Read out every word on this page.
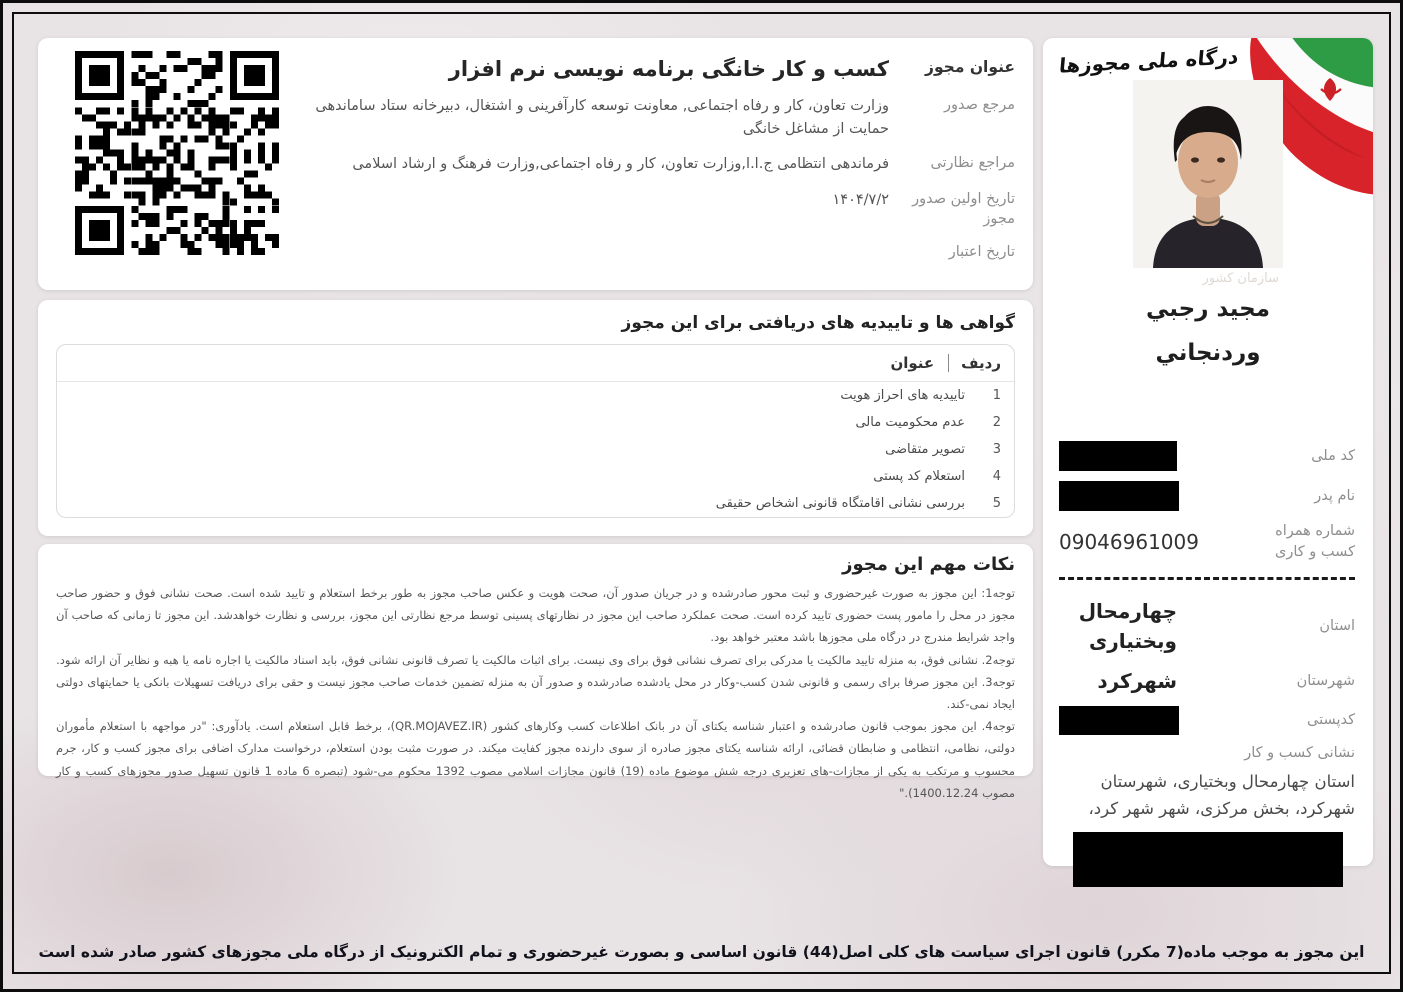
عنوان مجوز
کسب و کار خانگی برنامه نویسی نرم افزار
مرجع صدور
وزارت تعاون، کار و رفاه اجتماعی, معاونت توسعه کارآفرینی و اشتغال، دبیرخانه ستاد ساماندهی حمایت از مشاغل خانگی
مراجع نظارتی
فرماندهی انتظامی ج.ا.ا,وزارت تعاون، کار و رفاه اجتماعی,وزارت فرهنگ و ارشاد اسلامی
تاریخ اولین صدور مجوز
۱۴۰۴/۷/۲
تاریخ اعتبار
گواهی ها و تاییدیه های دریافتی برای این مجوز
ردیف
عنوان
1
تاییدیه های احراز هویت
2
عدم محکومیت مالی
3
تصویر متقاضی
4
استعلام کد پستی
5
بررسی نشانی اقامتگاه قانونی اشخاص حقیقی
نکات مهم این مجوز

توجه1: این مجوز به صورت غیرحضوری و ثبت محور صادرشده و در جریان صدور آن، صحت هویت و عکس صاحب مجوز به طور برخط استعلام و تایید شده است. صحت نشانی فوق و حضور صاحب مجوز در محل را مامور پست حضوری تایید کرده است. صحت عملکرد صاحب این مجوز در نظارتهای پسینی توسط مرجع نظارتی این مجوز، بررسی و نظارت خواهدشد. این مجوز تا زمانی که صاحب آن واجد شرایط مندرج در درگاه ملی مجوزها باشد معتبر خواهد بود.

توجه2. نشانی فوق، به منزله تایید مالکیت یا مدرکی برای تصرف نشانی فوق برای وی نیست. برای اثبات مالکیت یا تصرف قانونی نشانی فوق، باید اسناد مالکیت یا اجاره نامه یا هبه و نظایر آن ارائه شود.

توجه3. این مجوز صرفا برای رسمی و قانونی شدن کسب-وکار در محل یادشده صادرشده و صدور آن به منزله تضمین خدمات صاحب مجوز نیست و حقی برای دریافت تسهیلات بانکی یا حمایتهای دولتی ایجاد نمی-کند.

توجه4. این مجوز بموجب قانون صادرشده و اعتبار شناسه یکتای آن در بانک اطلاعات کسب وکارهای کشور (QR.MOJAVEZ.IR)، برخط قابل استعلام است. یادآوری: "در مواجهه با استعلام مأموران دولتی، نظامی، انتظامی و ضابطان قضائی، ارائه شناسه یکتای مجوز صادره از سوی دارنده مجوز کفایت میکند. در صورت مثبت بودن استعلام، درخواست مدارک اضافی برای مجوز کسب و کار، جرم محسوب و مرتکب به یکی از مجازات-های تعزیری درجه شش موضوع ماده (19) قانون مجازات اسلامی مصوب 1392 محکوم می-شود (تبصره 6 ماده 1 قانون تسهیل صدور مجوزهای کسب و کار مصوب 1400.12.24)."

درگاه ملی مجوزها
سازمان کشور
مجيد رجبي
وردنجاني
کد ملی
نام پدر
شماره همراه کسب و کاری
09046961009
استان
چهارمحال وبختیاری
شهرستان
شهرکرد
کدپستی
نشانی کسب و کار
استان چهارمحال وبختیاری، شهرستان شهرکرد، بخش مرکزی، شهر شهر کرد،
این مجوز به موجب ماده(7 مکرر) قانون اجرای سیاست های کلی اصل(44) قانون اساسی و بصورت غیرحضوری و تمام الکترونیک از درگاه ملی مجوزهای کشور صادر شده است
